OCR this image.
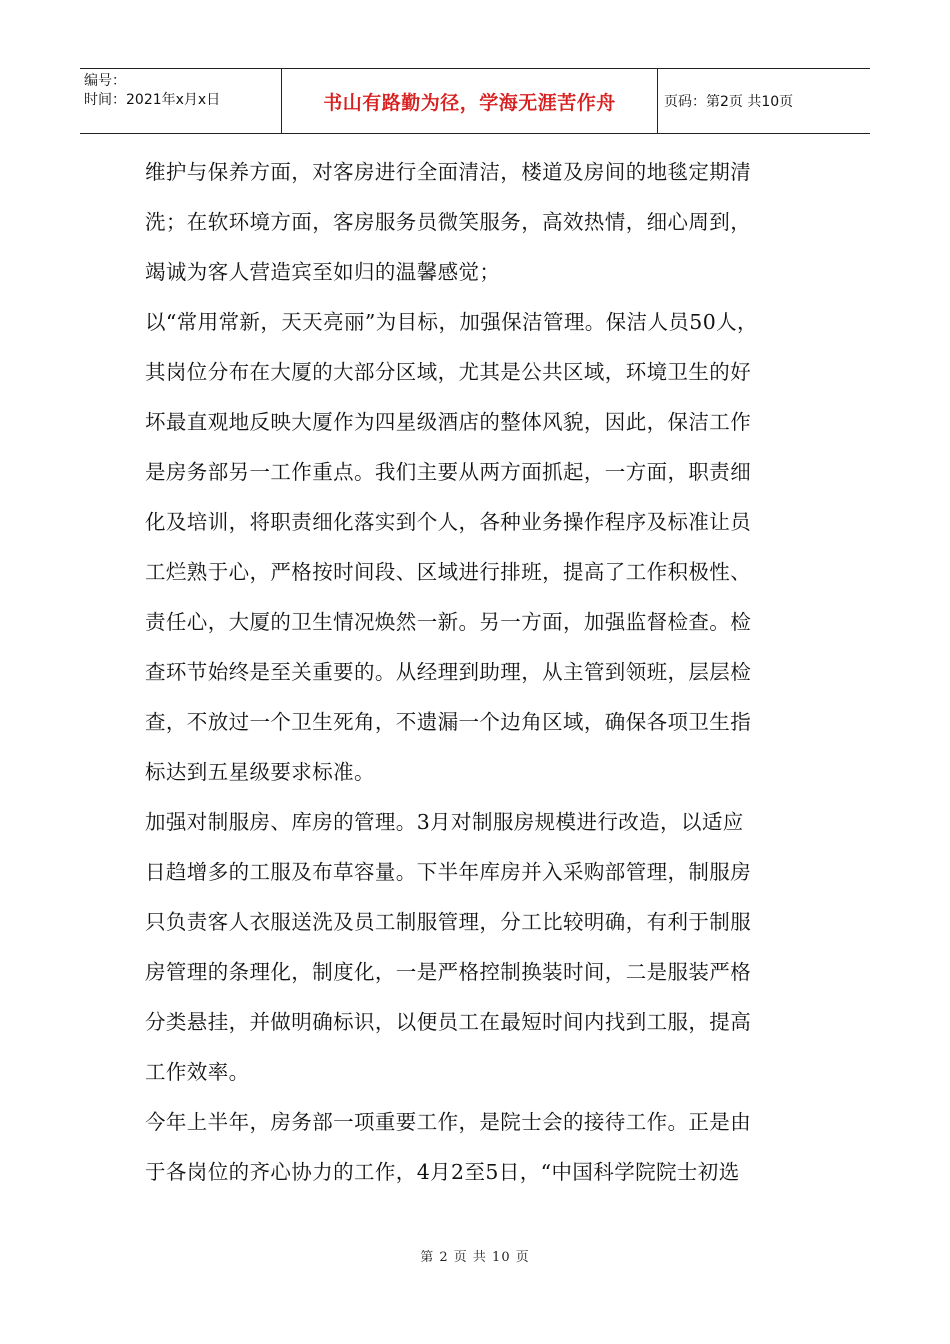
编号：
时间：2021年x月x日	书山有路勤为径，学海无涯苦作舟	页码：第2页 共10页

维护与保养方面，对客房进行全面清洁，楼道及房间的地毯定期清

洗；在软环境方面，客房服务员微笑服务，高效热情，细心周到，

竭诚为客人营造宾至如归的温馨感觉；

以“常用常新，天天亮丽”为目标，加强保洁管理。保洁人员50人，

其岗位分布在大厦的大部分区域，尤其是公共区域，环境卫生的好

坏最直观地反映大厦作为四星级酒店的整体风貌，因此，保洁工作

是房务部另一工作重点。我们主要从两方面抓起，一方面，职责细

化及培训，将职责细化落实到个人，各种业务操作程序及标准让员

工烂熟于心，严格按时间段、区域进行排班，提高了工作积极性、

责任心，大厦的卫生情况焕然一新。另一方面，加强监督检查。检

查环节始终是至关重要的。从经理到助理，从主管到领班，层层检

查，不放过一个卫生死角，不遗漏一个边角区域，确保各项卫生指

标达到五星级要求标准。

加强对制服房、库房的管理。3月对制服房规模进行改造，以适应

日趋增多的工服及布草容量。下半年库房并入采购部管理，制服房

只负责客人衣服送洗及员工制服管理，分工比较明确，有利于制服

房管理的条理化，制度化，一是严格控制换装时间，二是服装严格

分类悬挂，并做明确标识，以便员工在最短时间内找到工服，提高

工作效率。

今年上半年，房务部一项重要工作，是院士会的接待工作。正是由

于各岗位的齐心协力的工作，4月2至5日，“中国科学院院士初选

第 2 页 共 10 页
